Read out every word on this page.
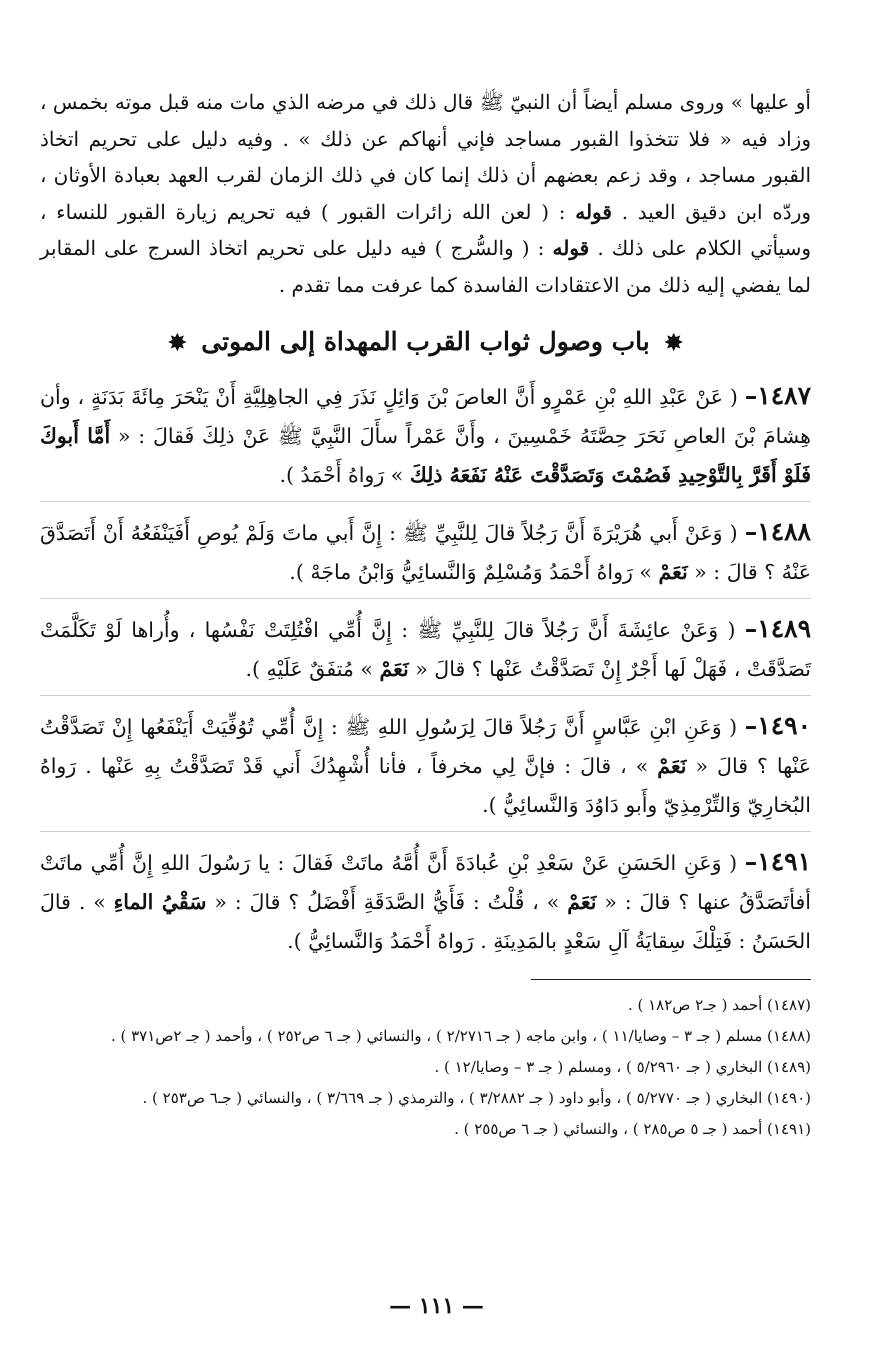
أو عليها » وروى مسلم أيضاً أن النبيّ ﷺ قال ذلك في مرضه الذي مات منه قبل موته بخمس ، وزاد فيه « فلا تتخذوا القبور مساجد فإني أنهاكم عن ذلك » . وفيه دليل على تحريم اتخاذ القبور مساجد ، وقد زعم بعضهم أن ذلك إنما كان في ذلك الزمان لقرب العهد بعبادة الأوثان ، وردّه ابن دقيق العيد . قوله : ( لعن الله زائرات القبور ) فيه تحريم زيارة القبور للنساء ، وسيأتي الكلام على ذلك . قوله : ( والسُّرج ) فيه دليل على تحريم اتخاذ السرج على المقابر لما يفضي إليه ذلك من الاعتقادات الفاسدة كما عرفت مما تقدم .

✸ باب وصول ثواب القرب المهداة إلى الموتى ✸

١٤٨٧– ( عَنْ عَبْدِ اللهِ بْنِ عَمْرٍو أَنَّ العاصَ بْنَ وَائِلٍ نَذَرَ فِي الجاهِلِيَّةِ أَنْ يَنْحَرَ مِائَةَ بَدَنَةٍ ، وأن هِشامَ بْنَ العاصِ نَحَرَ حِصَّتَهُ خَمْسِينَ ، وأَنَّ عَمْراً سأَلَ النَّبِيَّ ﷺ عَنْ ذلِكَ فَقالَ : « أَمَّا أَبوكَ فَلَوْ أَقَرَّ بِالتَّوْحِيدِ فَصُمْتَ وَتَصَدَّقْتَ عَنْهُ نَفَعَهُ ذلِكَ » رَواهُ أَحْمَدُ ).

١٤٨٨– ( وَعَنْ أَبي هُرَيْرَةَ أَنَّ رَجُلاً قالَ لِلنَّبِيِّ ﷺ : إِنَّ أَبي ماتَ وَلَمْ يُوصِ أَفَيَنْفَعُهُ أَنْ أَتَصَدَّقَ عَنْهُ ؟ قالَ : « نَعَمْ » رَواهُ أَحْمَدُ وَمُسْلِمٌ وَالنَّسائِيُّ وَابْنُ ماجَهْ ).

١٤٨٩– ( وَعَنْ عائِشَةَ أَنَّ رَجُلاً قالَ لِلنَّبِيِّ ﷺ : إِنَّ أُمِّي افْتُلِتَتْ نَفْسُها ، وأُراها لَوْ تَكَلَّمَتْ تَصَدَّقَتْ ، فَهَلْ لَها أَجْرٌ إِنْ تَصَدَّقْتُ عَنْها ؟ قالَ « نَعَمْ » مُتفَقٌ عَلَيْهِ ).

١٤٩٠– ( وَعَنِ ابْنِ عَبَّاسٍ أَنَّ رَجُلاً قالَ لِرَسُولِ اللهِ ﷺ : إِنَّ أُمِّي تُوُفِّيَتْ أَيَنْفَعُها إِنْ تَصَدَّقْتُ عَنْها ؟ قالَ « نَعَمْ » ، قالَ : فإنَّ لِي مخرفاً ، فأنا أُشْهِدُكَ أَني قَدْ تَصَدَّقْتُ بِهِ عَنْها . رَواهُ البُخارِيّ وَالتِّرْمِذِيّ وأَبو دَاوُدَ وَالنَّسائِيُّ ).

١٤٩١– ( وَعَنِ الحَسَنِ عَنْ سَعْدِ بْنِ عُبادَةَ أَنَّ أُمَّهُ ماتَتْ فَقالَ : يا رَسُولَ اللهِ إِنَّ أُمِّي ماتَتْ أفأتَصَدَّقُ عنها ؟ قالَ : « نَعَمْ » ، قُلْتُ : فَأَيُّ الصَّدَقَةِ أَفْضَلُ ؟ قالَ : « سَقْيُ الماءِ » . قالَ الحَسَنُ : فَتِلْكَ سِقايَةُ آلِ سَعْدٍ بالمَدِينَةِ . رَواهُ أَحْمَدُ وَالنَّسائِيُّ ).

(١٤٨٧) أحمد ( جـ٢ ص١٨٢ ) .

(١٤٨٨) مسلم ( جـ ٣ – وصايا/١١ ) ، وابن ماجه ( جـ ٢/٢٧١٦ ) ، والنسائي ( جـ ٦ ص٢٥٢ ) ، وأحمد ( جـ ٢ص٣٧١ ) .

(١٤٨٩) البخاري ( جـ ٥/٢٩٦٠ ) ، ومسلم ( جـ ٣ – وصايا/١٢ ) .

(١٤٩٠) البخاري ( جـ ٥/٢٧٧٠ ) ، وأبو داود ( جـ ٣/٢٨٨٢ ) ، والترمذي ( جـ ٣/٦٦٩ ) ، والنسائي ( جـ٦ ص٢٥٣ ) .

(١٤٩١) أحمد ( جـ ٥ ص٢٨٥ ) ، والنسائي ( جـ ٦ ص٢٥٥ ) .

— ١١١ —
